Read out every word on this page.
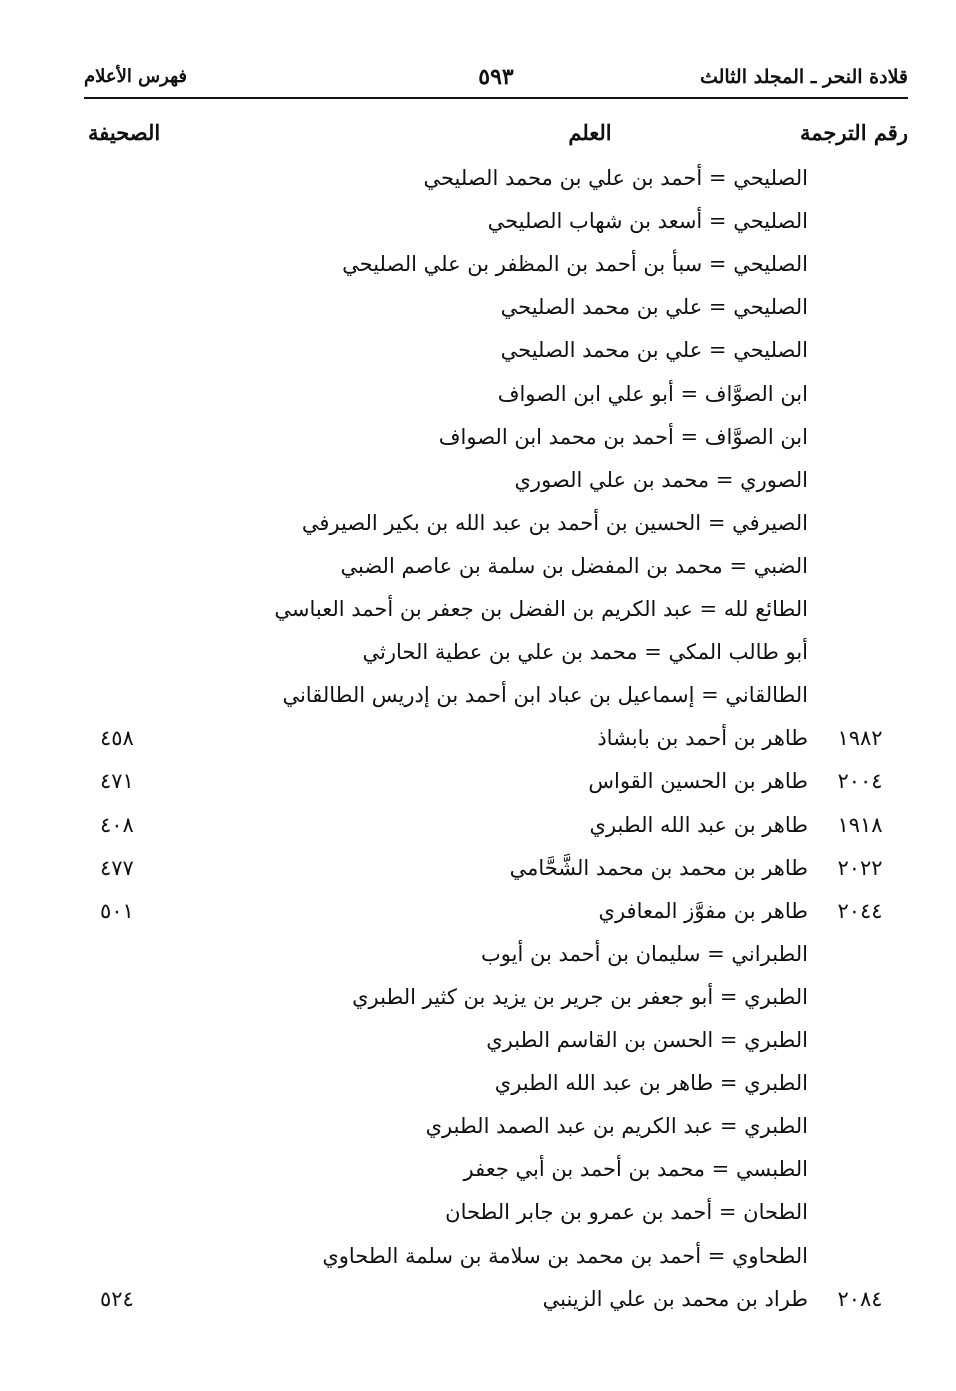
قلادة النحر ـ المجلد الثالث
٥٩٣
فهرس الأعلام
رقم الترجمة
العلم
الصحيفة
الصليحي = أحمد بن علي بن محمد الصليحي
الصليحي = أسعد بن شهاب الصليحي
الصليحي = سبأ بن أحمد بن المظفر بن علي الصليحي
الصليحي = علي بن محمد الصليحي
الصليحي = علي بن محمد الصليحي
ابن الصوَّاف = أبو علي ابن الصواف
ابن الصوَّاف = أحمد بن محمد ابن الصواف
الصوري = محمد بن علي الصوري
الصيرفي = الحسين بن أحمد بن عبد الله بن بكير الصيرفي
الضبي = محمد بن المفضل بن سلمة بن عاصم الضبي
الطائع لله = عبد الكريم بن الفضل بن جعفر بن أحمد العباسي
أبو طالب المكي = محمد بن علي بن عطية الحارثي
الطالقاني = إسماعيل بن عباد ابن أحمد بن إدريس الطالقاني
١٩٨٢
طاهر بن أحمد بن بابشاذ
٤٥٨
٢٠٠٤
طاهر بن الحسين القواس
٤٧١
١٩١٨
طاهر بن عبد الله الطبري
٤٠٨
٢٠٢٢
طاهر بن محمد بن محمد الشَّحَّامي
٤٧٧
٢٠٤٤
طاهر بن مفوَّز المعافري
٥٠١
الطبراني = سليمان بن أحمد بن أيوب
الطبري = أبو جعفر بن جرير بن يزيد بن كثير الطبري
الطبري = الحسن بن القاسم الطبري
الطبري = طاهر بن عبد الله الطبري
الطبري = عبد الكريم بن عبد الصمد الطبري
الطبسي = محمد بن أحمد بن أبي جعفر
الطحان = أحمد بن عمرو بن جابر الطحان
الطحاوي = أحمد بن محمد بن سلامة بن سلمة الطحاوي
٢٠٨٤
طراد بن محمد بن علي الزينبي
٥٢٤
